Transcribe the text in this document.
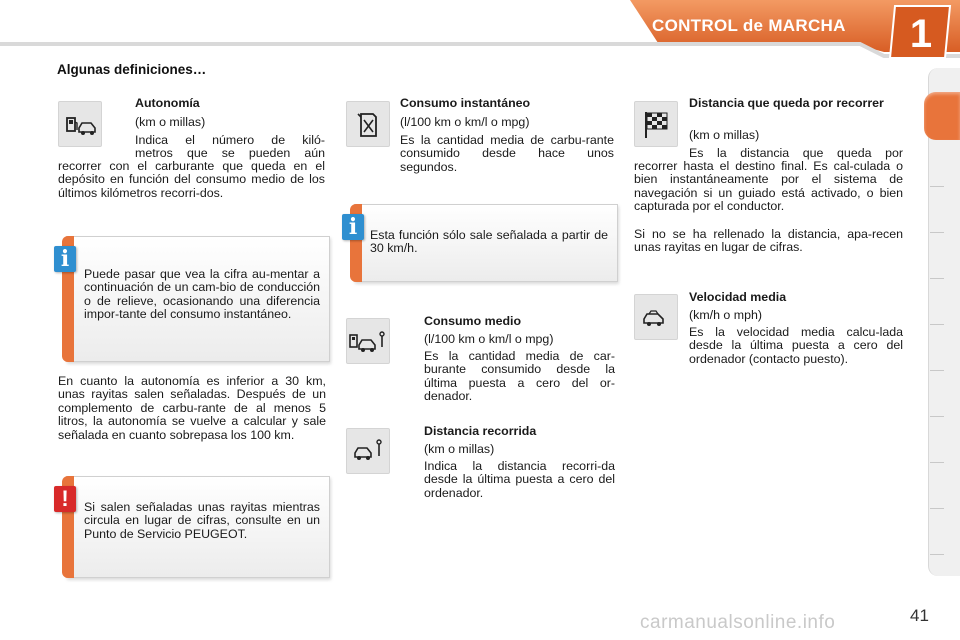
CONTROL de MARCHA 1
Algunas definiciones…
Autonomía
(km o millas)
Indica el número de kiló-
metros que se pueden aún
recorrer con el carburante que queda en el depósito en función del consumo medio de los últimos kilómetros recorri-dos.
i
Puede pasar que vea la cifra au-mentar a continuación de un cam-bio de conducción o de relieve, ocasionando una diferencia impor-tante del consumo instantáneo.
En cuanto la autonomía es inferior a 30 km, unas rayitas salen señaladas. Después de un complemento de carbu-rante de al menos 5 litros, la autonomía se vuelve a calcular y sale señalada en cuanto sobrepasa los 100 km.
!	Si salen señaladas unas rayitas mientras circula en lugar de cifras, consulte en un Punto de Servicio PEUGEOT.
Consumo instantáneo
(l/100 km o km/l o mpg)
Es la cantidad media de carbu-rante consumido desde hace unos segundos.
i	Esta función sólo sale señalada a partir de 30 km/h.
Consumo medio
(l/100 km o km/l o mpg)
Es la cantidad media de car-burante consumido desde la última puesta a cero del or-denador.
Distancia recorrida
(km o millas)
Indica la distancia recorri-da desde la última puesta a cero del ordenador.
Distancia que queda por recorrer
(km o millas)
Es la distancia que queda por
recorrer hasta el destino final. Es cal-culada o bien instantáneamente por el sistema de navegación si un guiado está activado, o bien capturada por el conductor.
Si no se ha rellenado la distancia, apa-recen unas rayitas en lugar de cifras.
Velocidad media
(km/h o mph)
Es la velocidad media calcu-lada desde la última puesta a cero del ordenador (contacto puesto).
carmanualsonline.info	41
